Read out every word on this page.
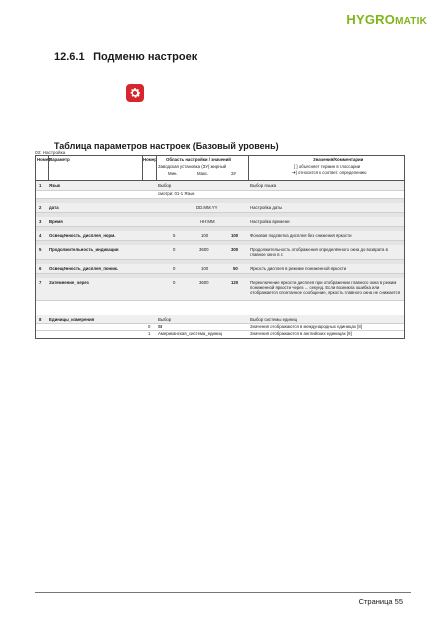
HYGROMATIK
12.6.1 Подменю настроек
Таблица параметров настроек (Базовый уровень)
03: Настройка
Номер
Параметр	Номер Область настройки / значений
Заводская установка (ЗУ) жирный
Мин.	Макс.	ЗУ
Значения/Комментарии
[ ] объясняет термин в глоссарии
➔] относится к соответ. определению
1 Язык	Выбор	Выбор языка
смотри: 01-1 Язык
2 дата	DD.MM.YY	Настройка даты
3 Время	HH:MM	Настройка времени
4 Освещённость_дисплея_норм.	5	100	100	Фоновая подсветка дисплея без снижения яркости
5 Продолжительность_индикации	0	3600	300	Продолжительность отображения определённого окна до возврата в главное окно в с
6 Освещённость_дисплея_пониж.	0	100	50	Яркость дисплея в режиме пониженной яркости
7 Затемнение_через	0	3600	120	Переключение яркости дисплея при отображении главного окна в режим пониженной яркости через ... секунд. Если возникла ошибка или отображается спонтанное сообщение, яркость главного окна не снижается
8 Единицы_измерения	Выбор	Выбор системы единиц
0 SI	Значения отображаются в международных единицах [8]
1 Американская_система_единиц	Значения отображаются в английских единицах [9]
Страница 55
